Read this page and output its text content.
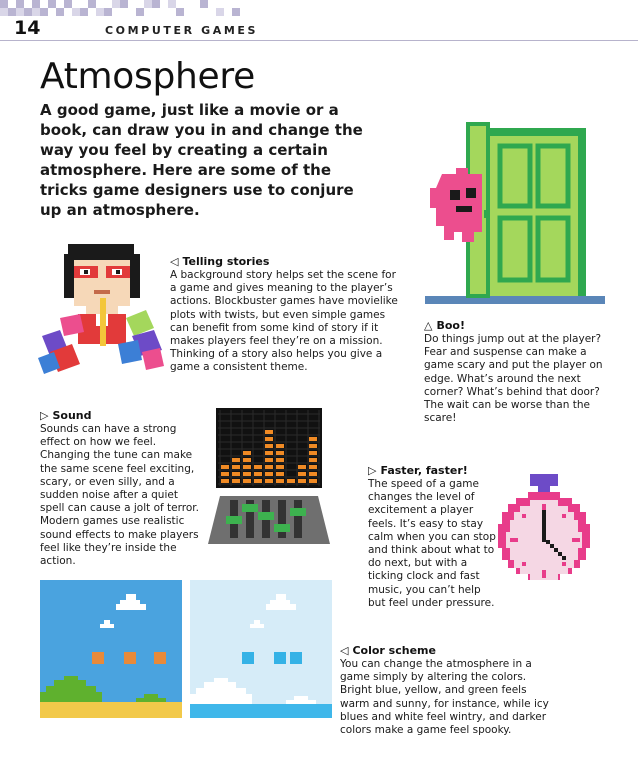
14	COMPUTER GAMES
Atmosphere

A good game, just like a movie or a book, can draw you in and change the way you feel by creating a certain atmosphere. Here are some of the tricks game designers use to conjure up an atmosphere.

◁ Telling stories

A background story helps set the scene for a game and gives meaning to the player’s actions. Blockbuster games have movielike plots with twists, but even simple games can benefit from some kind of story if it makes players feel they’re on a mission. Thinking of a story also helps you give a game a consistent theme.

△ Boo!

Do things jump out at the player? Fear and suspense can make a game scary and put the player on edge. What’s around the next corner? What’s behind that door? The wait can be worse than the scare!

▷ Sound

Sounds can have a strong effect on how we feel. Changing the tune can make the same scene feel exciting, scary, or even silly, and a sudden noise after a quiet spell can cause a jolt of terror. Modern games use realistic sound effects to make players feel like they’re inside the action.

▷ Faster, faster!

The speed of a game changes the level of excitement a player feels. It’s easy to stay calm when you can stop and think about what to do next, but with a ticking clock and fast music, you can’t help but feel under pressure.

◁ Color scheme

You can change the atmosphere in a game simply by altering the colors. Bright blue, yellow, and green feels warm and sunny, for instance, while icy blues and white feel wintry, and darker colors make a game feel spooky.
